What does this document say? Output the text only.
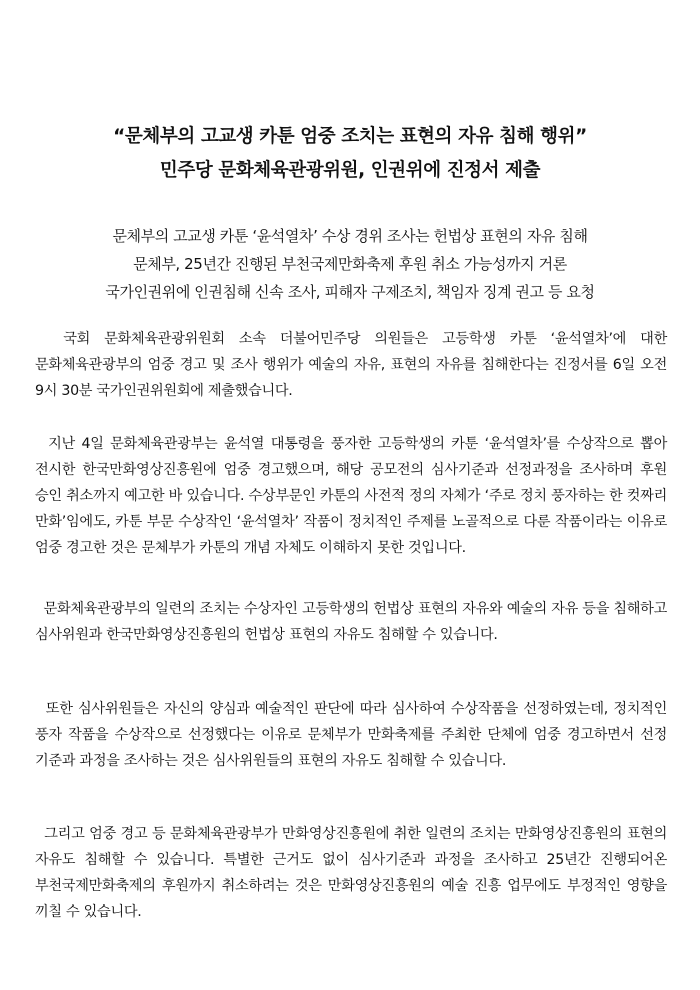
“문체부의 고교생 카툰 엄중 조치는 표현의 자유 침해 행위”
민주당 문화체육관광위원, 인권위에 진정서 제출
문체부의 고교생 카툰 ‘윤석열차’ 수상 경위 조사는 헌법상 표현의 자유 침해
문체부, 25년간 진행된 부천국제만화축제 후원 취소 가능성까지 거론
국가인권위에 인권침해 신속 조사, 피해자 구제조치, 책임자 징계 권고 등 요청

국회 문화체육관광위원회 소속 더불어민주당 의원들은 고등학생 카툰 ‘윤석열차’에 대한 문화체육관광부의 엄중 경고 및 조사 행위가 예술의 자유, 표현의 자유를 침해한다는 진정서를 6일 오전 9시 30분 국가인권위원회에 제출했습니다.

지난 4일 문화체육관광부는 윤석열 대통령을 풍자한 고등학생의 카툰 ‘윤석열차’를 수상작으로 뽑아 전시한 한국만화영상진흥원에 엄중 경고했으며, 해당 공모전의 심사기준과 선정과정을 조사하며 후원 승인 취소까지 예고한 바 있습니다. 수상부문인 카툰의 사전적 정의 자체가 ‘주로 정치 풍자하는 한 컷짜리 만화’임에도, 카툰 부문 수상작인 ‘윤석열차’ 작품이 정치적인 주제를 노골적으로 다룬 작품이라는 이유로 엄중 경고한 것은 문체부가 카툰의 개념 자체도 이해하지 못한 것입니다.

문화체육관광부의 일련의 조치는 수상자인 고등학생의 헌법상 표현의 자유와 예술의 자유 등을 침해하고 심사위원과 한국만화영상진흥원의 헌법상 표현의 자유도 침해할 수 있습니다.

또한 심사위원들은 자신의 양심과 예술적인 판단에 따라 심사하여 수상작품을 선정하였는데, 정치적인 풍자 작품을 수상작으로 선정했다는 이유로 문체부가 만화축제를 주최한 단체에 엄중 경고하면서 선정 기준과 과정을 조사하는 것은 심사위원들의 표현의 자유도 침해할 수 있습니다.

그리고 엄중 경고 등 문화체육관광부가 만화영상진흥원에 취한 일련의 조치는 만화영상진흥원의 표현의 자유도 침해할 수 있습니다. 특별한 근거도 없이 심사기준과 과정을 조사하고 25년간 진행되어온 부천국제만화축제의 후원까지 취소하려는 것은 만화영상진흥원의 예술 진흥 업무에도 부정적인 영향을 끼칠 수 있습니다.
